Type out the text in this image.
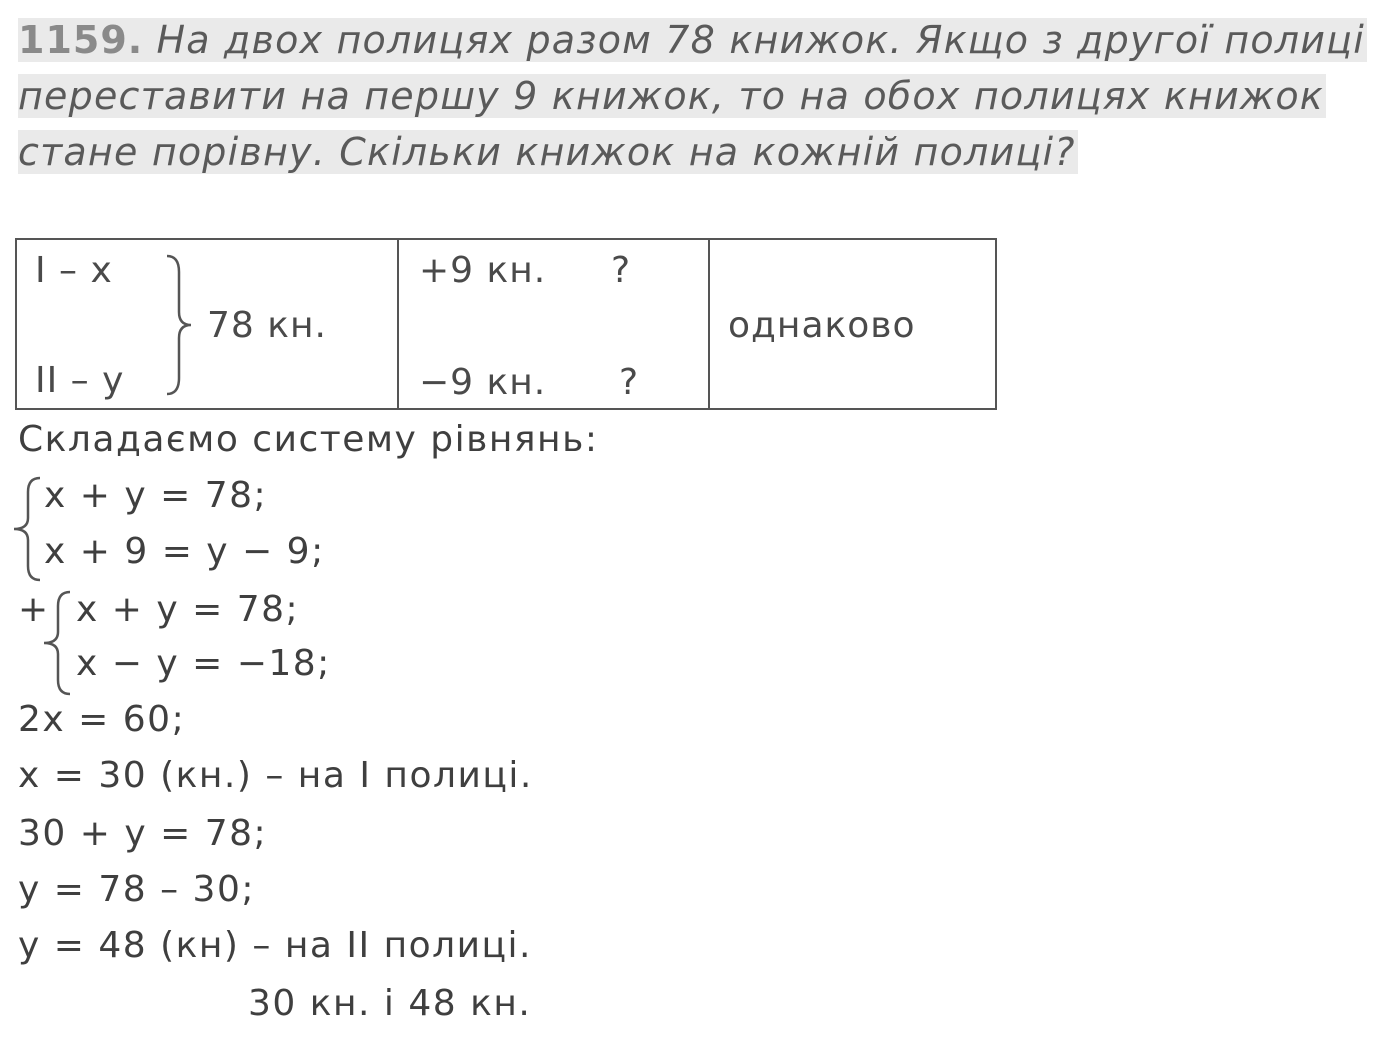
1159. На двох полицях разом 78 книжок. Якщо з другої полиці
переставити на першу 9 книжок, то на обох полицях книжок
стане порівну. Скільки книжок на кожній полиці?
I – x
II – y
78 кн.

+9 кн. ?
−9 кн. ?

однаково
Складаємо систему рівнянь:
x + y = 78;
x + 9 = y − 9;
+ x + y = 78;
x − y = −18;
2x = 60;
x = 30 (кн.) – на I полиці.
30 + y = 78;
y = 78 – 30;
y = 48 (кн) – на II полиці.
30 кн. і 48 кн.
